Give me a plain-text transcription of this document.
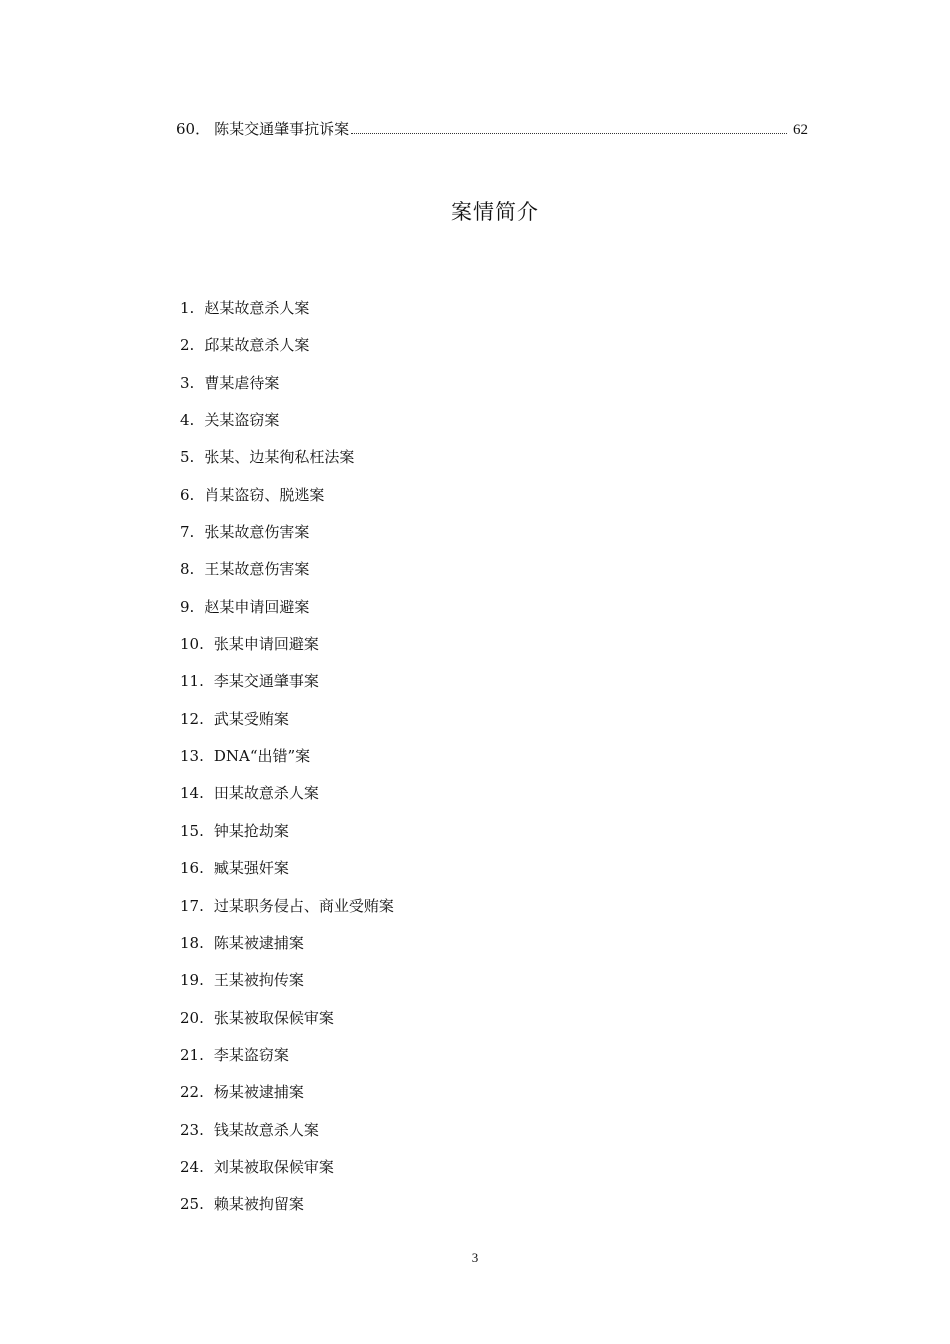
60． 陈某交通肇事抗诉案	62
案情简介
1. 赵某故意杀人案
2. 邱某故意杀人案
3. 曹某虐待案
4. 关某盗窃案
5. 张某、边某徇私枉法案
6. 肖某盗窃、脱逃案
7. 张某故意伤害案
8. 王某故意伤害案
9. 赵某申请回避案
10. 张某申请回避案
11. 李某交通肇事案
12. 武某受贿案
13. DNA“出错”案
14. 田某故意杀人案
15. 钟某抢劫案
16. 臧某强奸案
17. 过某职务侵占、商业受贿案
18. 陈某被逮捕案
19. 王某被拘传案
20. 张某被取保候审案
21. 李某盗窃案
22. 杨某被逮捕案
23. 钱某故意杀人案
24. 刘某被取保候审案
25. 赖某被拘留案
3
